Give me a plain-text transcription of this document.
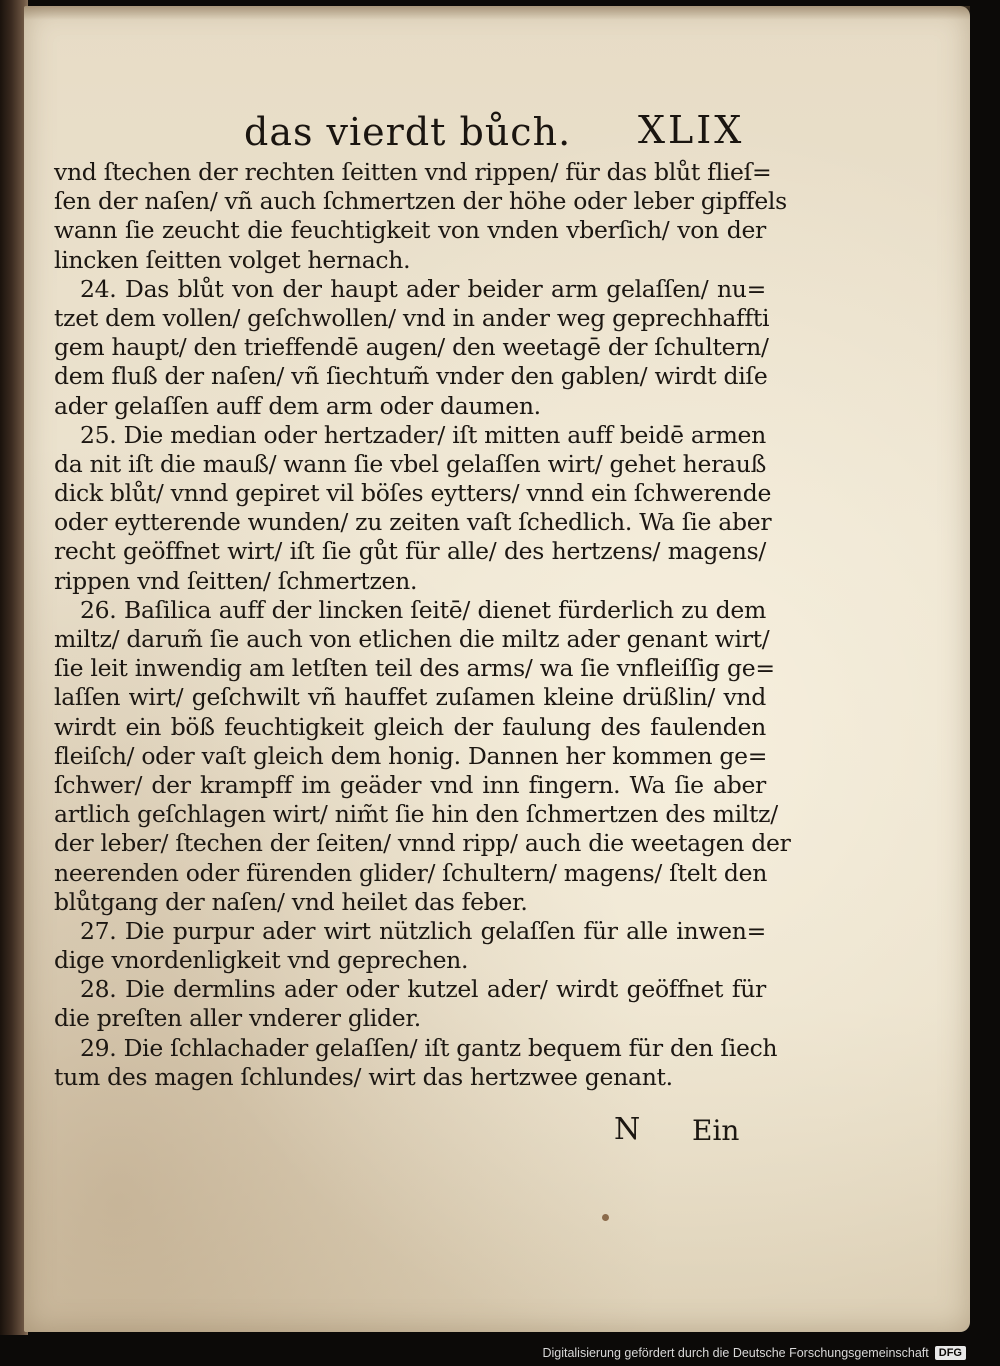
das vierdt bůch. XLIX
vnd ſtechen der rechten ſeitten vnd rippen/ für das blůt flieſ=
ſen der naſen/ vñ auch ſchmertzen der höhe oder leber gipffels
wann ſie zeucht die feuchtigkeit von vnden vberſich/ von der
lincken ſeitten volget hernach.
24. Das blůt von der haupt ader beider arm gelaſſen/ nu=
tzet dem vollen/ geſchwollen/ vnd in ander weg geprechhaffti
gem haupt/ den trieffendē augen/ den weetagē der ſchultern/
dem fluß der naſen/ vñ ſiechtum̃ vnder den gablen/ wirdt diſe
ader gelaſſen auff dem arm oder daumen.
25. Die median oder hertzader/ iſt mitten auff beidē armen
da nit iſt die mauß/ wann ſie vbel gelaſſen wirt/ gehet herauß
dick blůt/ vnnd gepiret vil böſes eytters/ vnnd ein ſchwerende
oder eytterende wunden/ zu zeiten vaſt ſchedlich. Wa ſie aber
recht geöffnet wirt/ iſt ſie gůt für alle/ des hertzens/ magens/
rippen vnd ſeitten/ ſchmertzen.
26. Baſilica auff der lincken ſeitē/ dienet fürderlich zu dem
miltz/ darum̃ ſie auch von etlichen die miltz ader genant wirt/
ſie leit inwendig am letſten teil des arms/ wa ſie vnfleiſſig ge=
laſſen wirt/ geſchwilt vñ hauffet zuſamen kleine drüßlin/ vnd
wirdt ein böß feuchtigkeit gleich der faulung des faulenden
fleiſch/ oder vaſt gleich dem honig. Dannen her kommen ge=
ſchwer/ der krampff im geäder vnd inn fingern. Wa ſie aber
artlich geſchlagen wirt/ nim̃t ſie hin den ſchmertzen des miltz/
der leber/ ſtechen der ſeiten/ vnnd ripp/ auch die weetagen der
neerenden oder fürenden glider/ ſchultern/ magens/ ſtelt den
blůtgang der naſen/ vnd heilet das feber.
27. Die purpur ader wirt nützlich gelaſſen für alle inwen=
dige vnordenligkeit vnd geprechen.
28. Die dermlins ader oder kutzel ader/ wirdt geöffnet für
die preſten aller vnderer glider.
29. Die ſchlachader gelaſſen/ iſt gantz bequem für den ſiech
tum des magen ſchlundes/ wirt das hertzwee genant.
N Ein
Digitalisierung gefördert durch die Deutsche Forschungsgemeinschaft DFG
